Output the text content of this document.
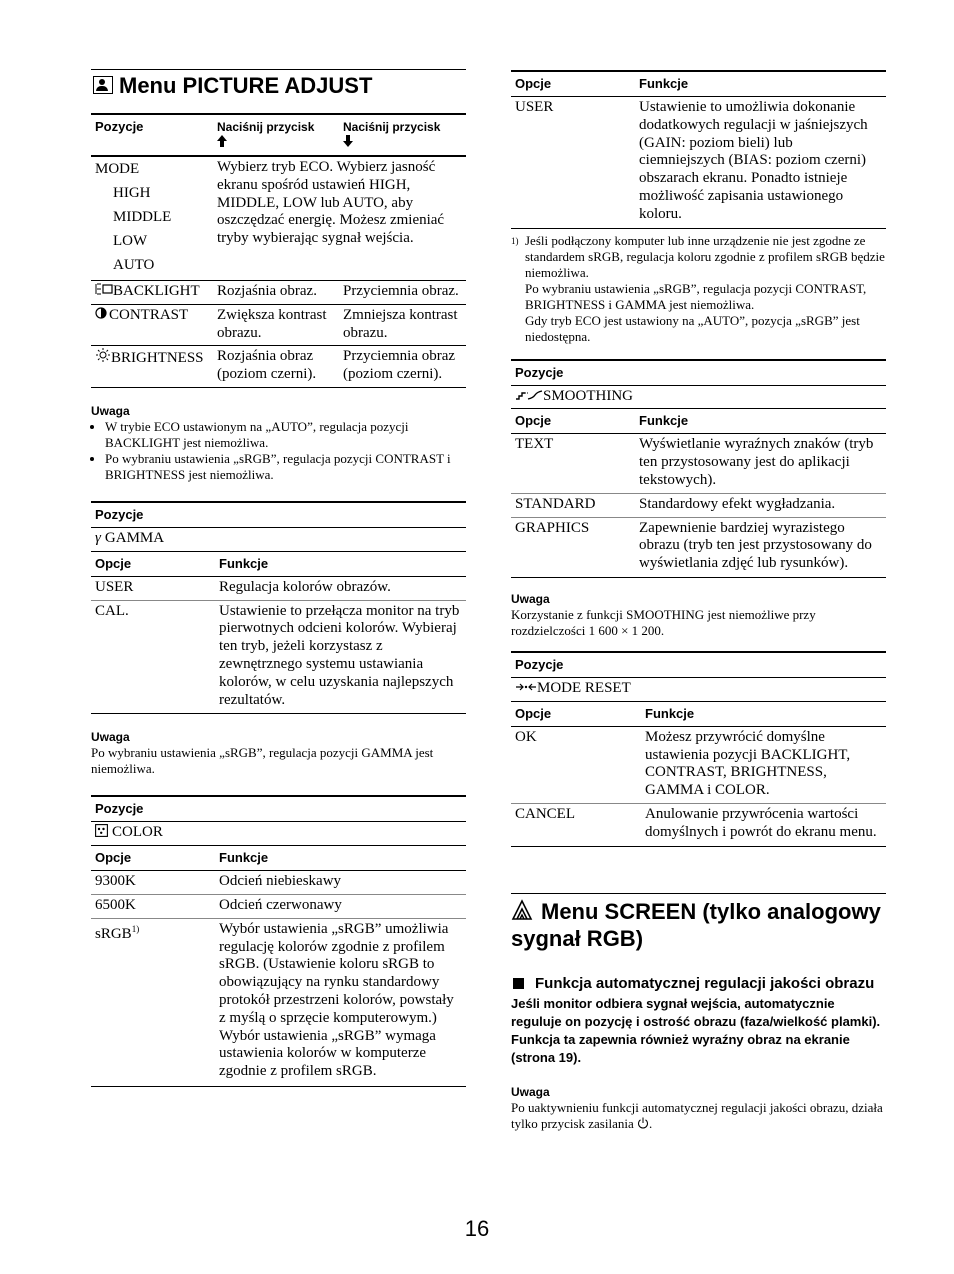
Menu PICTURE ADJUST
Pozycje	Naciśnij przycisk	Naciśnij przycisk

MODE
HIGH
MIDDLE
LOW
AUTO	Wybierz tryb ECO. Wybierz jasność ekranu spośród ustawień HIGH, MIDDLE, LOW lub AUTO, aby oszczędzać energię. Możesz zmieniać tryby wybierając sygnał wejścia.	
BACKLIGHT	Rozjaśnia obraz.	Przyciemnia obraz.
CONTRAST	Zwiększa kontrast obrazu.	Zmniejsza kontrast obrazu.
BRIGHTNESS	Rozjaśnia obraz (poziom czerni).	Przyciemnia obraz (poziom czerni).
Uwaga
• W trybie ECO ustawionym na „AUTO”, regulacja pozycji BACKLIGHT jest niemożliwa.
• Po wybraniu ustawienia „sRGB”, regulacja pozycji CONTRAST i BRIGHTNESS jest niemożliwa.
Pozycje	
γ GAMMA	
Opcje	Funkcje
USER	Regulacja kolorów obrazów.
CAL.	Ustawienie to przełącza monitor na tryb pierwotnych odcieni kolorów. Wybieraj ten tryb, jeżeli korzystasz z zewnętrznego systemu ustawiania kolorów, w celu uzyskania najlepszych rezultatów.
Uwaga
Po wybraniu ustawienia „sRGB”, regulacja pozycji GAMMA jest niemożliwa.
Pozycje	
COLOR	
Opcje	Funkcje
9300K	Odcień niebieskawy
6500K	Odcień czerwonawy
sRGB$^{1)}$	Wybór ustawienia „sRGB” umożliwia regulację kolorów zgodnie z profilem sRGB. (Ustawienie koloru sRGB to obowiązujący na rynku standardowy protokół przestrzeni kolorów, powstały z myślą o sprzęcie komputerowym.) Wybór ustawienia „sRGB” wymaga ustawienia kolorów w komputerze zgodnie z profilem sRGB.
Opcje	Funkcje
USER	Ustawienie to umożliwia dokonanie dodatkowych regulacji w jaśniejszych (GAIN: poziom bieli) lub ciemniejszych (BIAS: poziom czerni) obszarach ekranu. Ponadto istnieje możliwość zapisania ustawionego koloru.
1) Jeśli podłączony komputer lub inne urządzenie nie jest zgodne ze standardem sRGB, regulacja koloru zgodnie z profilem sRGB będzie niemożliwa.
Po wybraniu ustawienia „sRGB”, regulacja pozycji CONTRAST, BRIGHTNESS i GAMMA jest niemożliwa.
Gdy tryb ECO jest ustawiony na „AUTO”, pozycja „sRGB” jest niedostępna.
Pozycje	
SMOOTHING	
Opcje	Funkcje
TEXT	Wyświetlanie wyraźnych znaków (tryb ten przystosowany jest do aplikacji tekstowych).
STANDARD	Standardowy efekt wygładzania.
GRAPHICS	Zapewnienie bardziej wyrazistego obrazu (tryb ten jest przystosowany do wyświetlania zdjęć lub rysunków).
Uwaga
Korzystanie z funkcji SMOOTHING jest niemożliwe przy rozdzielczości 1 600 × 1 200.
Pozycje	
MODE RESET	
Opcje	Funkcje
OK	Możesz przywrócić domyślne ustawienia pozycji BACKLIGHT, CONTRAST, BRIGHTNESS, GAMMA i COLOR.
CANCEL	Anulowanie przywrócenia wartości domyślnych i powrót do ekranu menu.
Menu SCREEN (tylko analogowy sygnał RGB)
Funkcja automatycznej regulacji jakości obrazu
Jeśli monitor odbiera sygnał wejścia, automatycznie reguluje on pozycję i ostrość obrazu (faza/wielkość plamki). Funkcja ta zapewnia również wyraźny obraz na ekranie (strona 19).
Uwaga
Po uaktywnieniu funkcji automatycznej regulacji jakości obrazu, działa tylko przycisk zasilania .
16
